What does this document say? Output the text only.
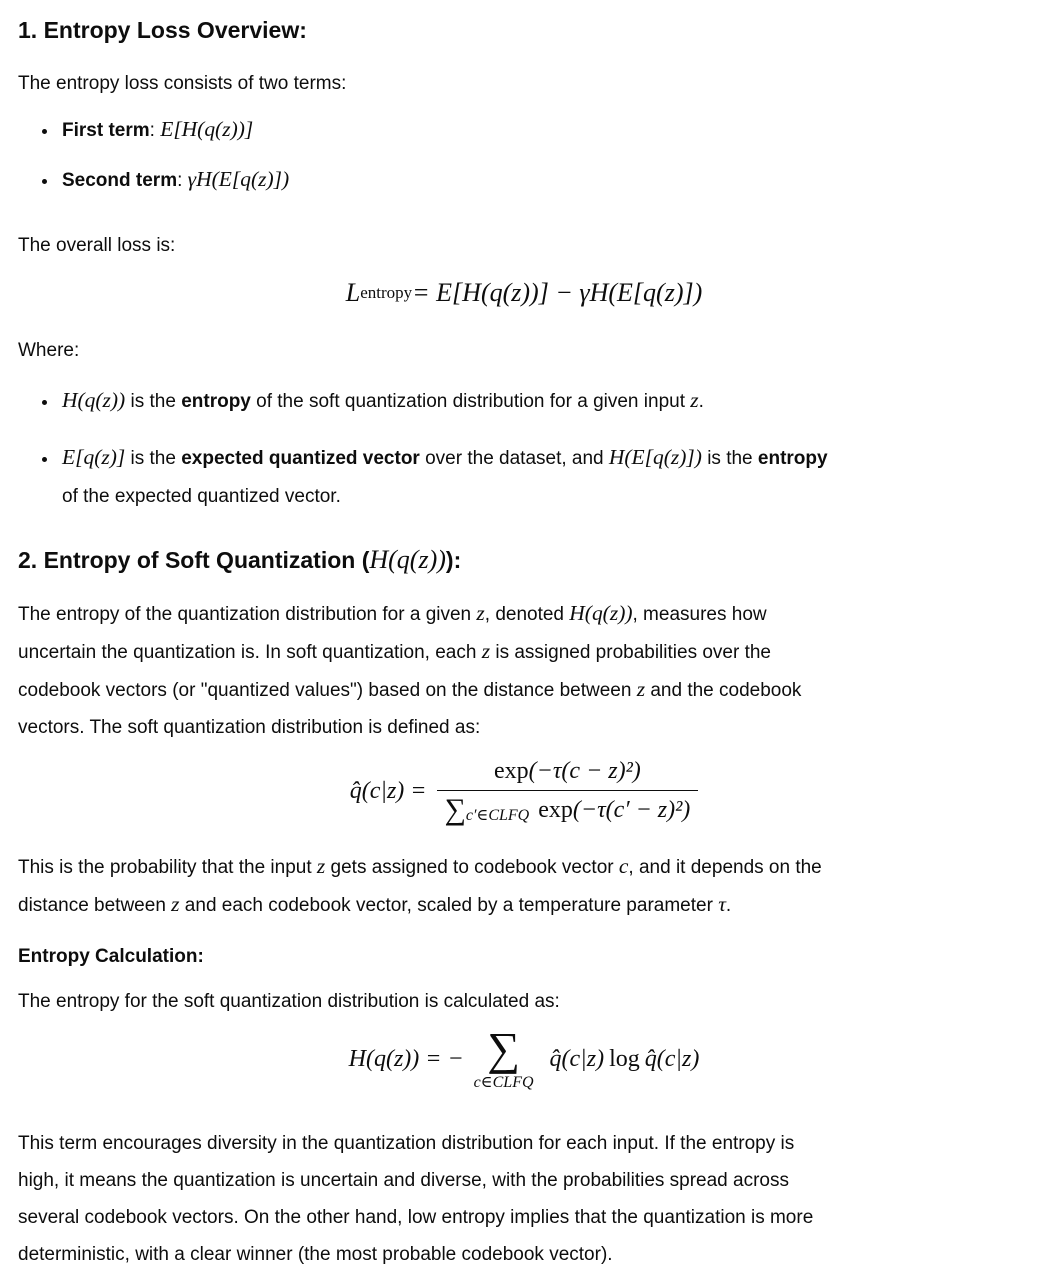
1. Entropy Loss Overview:

The entropy loss consists of two terms:

• First term: E[H(q(z))]
• Second term: γH(E[q(z)])

The overall loss is:

L entropy = E[H(q(z))] − γH(E[q(z)])

Where:

• H(q(z)) is the entropy of the soft quantization distribution for a given input z.
• E[q(z)] is the expected quantized vector over the dataset, and H(E[q(z)]) is the entropy
of the expected quantized vector.
2. Entropy of Soft Quantization (H(q(z))):
The entropy of the quantization distribution for a given z, denoted H(q(z)), measures how
uncertain the quantization is. In soft quantization, each z is assigned probabilities over the
codebook vectors (or "quantized values") based on the distance between z and the codebook
vectors. The soft quantization distribution is defined as:
q̂(c|z) = $\frac{\text{exp (−τ(c − z)²)}}{\sum_{c'\in CLFQ} \exp (-\tau(c' - z)^2)}$

This is the probability that the input z gets assigned to codebook vector c, and it depends on the
distance between z and each codebook vector, scaled by a temperature parameter τ.

Entropy Calculation:

The entropy for the soft quantization distribution is calculated as:

H(q(z)) = − ∑
c∈CLFQ
q̂(c|z) log q̂(c|z)
This term encourages diversity in the quantization distribution for each input. If the entropy is
high, it means the quantization is uncertain and diverse, with the probabilities spread across
several codebook vectors. On the other hand, low entropy implies that the quantization is more
deterministic, with a clear winner (the most probable codebook vector).
